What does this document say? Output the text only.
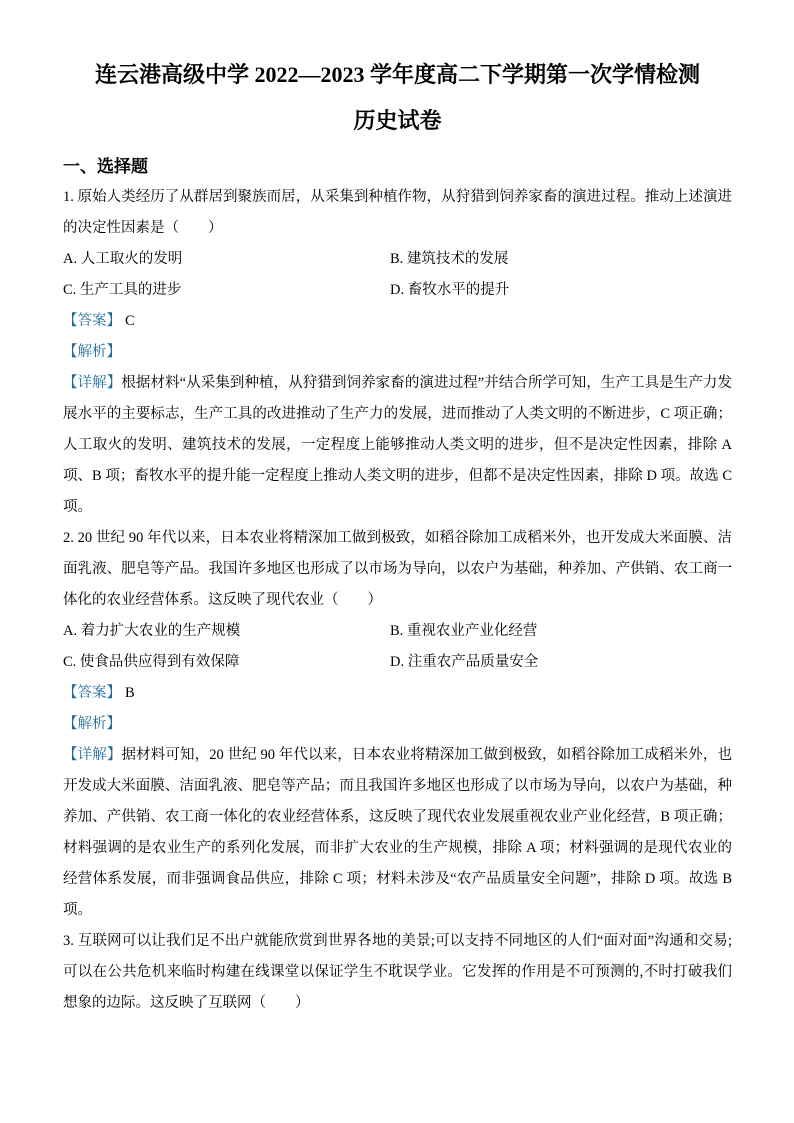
连云港高级中学 2022—2023 学年度高二下学期第一次学情检测
历史试卷
一、选择题

1. 原始人类经历了从群居到聚族而居，从采集到种植作物，从狩猎到饲养家畜的演进过程。推动上述演进的决定性因素是（　　）

A. 人工取火的发明	B. 建筑技术的发展
C. 生产工具的进步	D. 畜牧水平的提升

【答案】 C

【解析】

【详解】根据材料“从采集到种植，从狩猎到饲养家畜的演进过程”并结合所学可知，生产工具是生产力发展水平的主要标志，生产工具的改进推动了生产力的发展，进而推动了人类文明的不断进步，C 项正确；人工取火的发明、建筑技术的发展，一定程度上能够推动人类文明的进步，但不是决定性因素，排除 A 项、B 项；畜牧水平的提升能一定程度上推动人类文明的进步，但都不是决定性因素，排除 D 项。故选 C 项。

2. 20 世纪 90 年代以来，日本农业将精深加工做到极致，如稻谷除加工成稻米外，也开发成大米面膜、洁面乳液、肥皂等产品。我国许多地区也形成了以市场为导向，以农户为基础，种养加、产供销、农工商一体化的农业经营体系。这反映了现代农业（　　）

A. 着力扩大农业的生产规模	B. 重视农业产业化经营
C. 使食品供应得到有效保障	D. 注重农产品质量安全

【答案】 B

【解析】

【详解】据材料可知，20 世纪 90 年代以来，日本农业将精深加工做到极致，如稻谷除加工成稻米外，也开发成大米面膜、洁面乳液、肥皂等产品；而且我国许多地区也形成了以市场为导向，以农户为基础，种养加、产供销、农工商一体化的农业经营体系，这反映了现代农业发展重视农业产业化经营，B 项正确；材料强调的是农业生产的系列化发展，而非扩大农业的生产规模，排除 A 项；材料强调的是现代农业的经营体系发展，而非强调食品供应，排除 C 项；材料未涉及“农产品质量安全问题”，排除 D 项。故选 B 项。

3. 互联网可以让我们足不出户就能欣赏到世界各地的美景;可以支持不同地区的人们“面对面”沟通和交易;可以在公共危机来临时构建在线课堂以保证学生不耽误学业。它发挥的作用是不可预测的,不时打破我们想象的边际。这反映了互联网（　　）
